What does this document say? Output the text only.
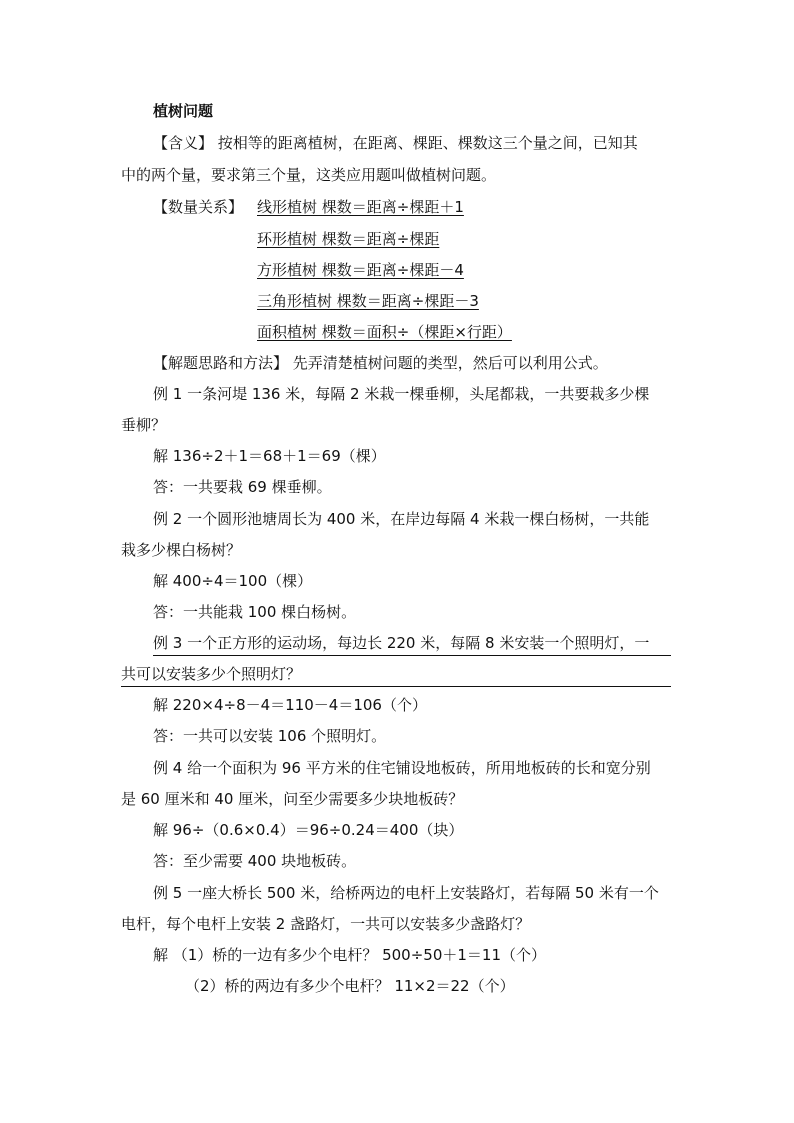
植树问题
【含义】 按相等的距离植树，在距离、棵距、棵数这三个量之间，已知其
中的两个量，要求第三个量，这类应用题叫做植树问题。
【数量关系】 线形植树 棵数＝距离÷棵距＋1
环形植树 棵数＝距离÷棵距
方形植树 棵数＝距离÷棵距－4
三角形植树 棵数＝距离÷棵距－3
面积植树 棵数＝面积÷（棵距×行距）
【解题思路和方法】 先弄清楚植树问题的类型，然后可以利用公式。
例 1 一条河堤 136 米，每隔 2 米栽一棵垂柳，头尾都栽，一共要栽多少棵
垂柳？
解 136÷2＋1＝68＋1＝69（棵）
答：一共要栽 69 棵垂柳。
例 2 一个圆形池塘周长为 400 米，在岸边每隔 4 米栽一棵白杨树，一共能
栽多少棵白杨树？
解 400÷4＝100（棵）
答：一共能栽 100 棵白杨树。
例 3 一个正方形的运动场，每边长 220 米，每隔 8 米安装一个照明灯，一
共可以安装多少个照明灯？
解 220×4÷8－4＝110－4＝106（个）
答：一共可以安装 106 个照明灯。
例 4 给一个面积为 96 平方米的住宅铺设地板砖，所用地板砖的长和宽分别
是 60 厘米和 40 厘米，问至少需要多少块地板砖？
解 96÷（0.6×0.4）＝96÷0.24＝400（块）
答：至少需要 400 块地板砖。
例 5 一座大桥长 500 米，给桥两边的电杆上安装路灯，若每隔 50 米有一个
电杆，每个电杆上安装 2 盏路灯，一共可以安装多少盏路灯？
解 （1）桥的一边有多少个电杆？ 500÷50＋1＝11（个）
（2）桥的两边有多少个电杆？ 11×2＝22（个）
